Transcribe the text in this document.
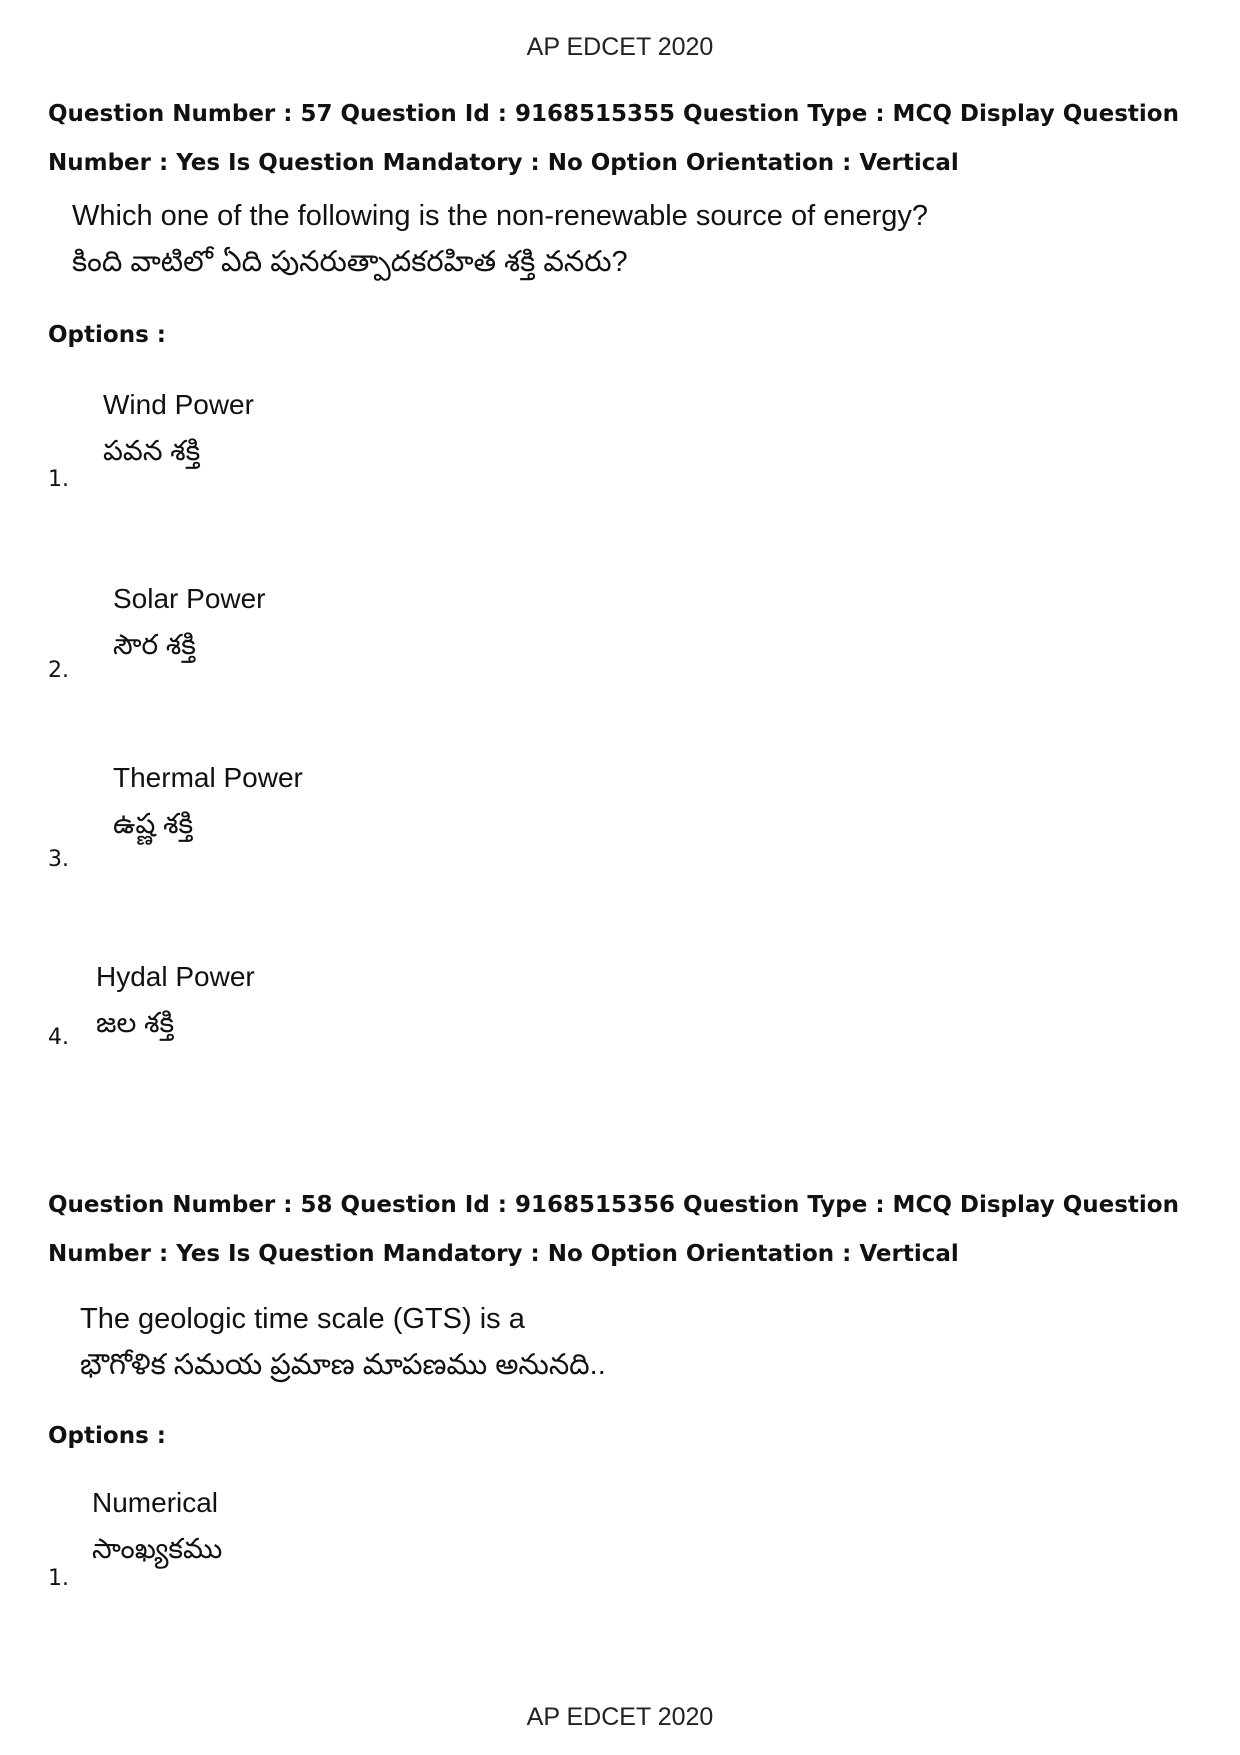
AP EDCET 2020
Question Number : 57 Question Id : 9168515355 Question Type : MCQ Display Question
Number : Yes Is Question Mandatory : No Option Orientation : Vertical
Which one of the following is the non-renewable source of energy?
కింది వాటిలో ఏది పునరుత్పాదకరహిత శక్తి వనరు?
Options :
Wind Power
పవన శక్తి
1.
Solar Power
సౌర శక్తి
2.
Thermal Power
ఉష్ణ శక్తి
3.
Hydal Power
జల శక్తి
4.
Question Number : 58 Question Id : 9168515356 Question Type : MCQ Display Question
Number : Yes Is Question Mandatory : No Option Orientation : Vertical
The geologic time scale (GTS) is a
భౌగోళిక సమయ ప్రమాణ మాపణము అనునది..
Options :
Numerical
సాంఖ్యకము
1.
AP EDCET 2020
